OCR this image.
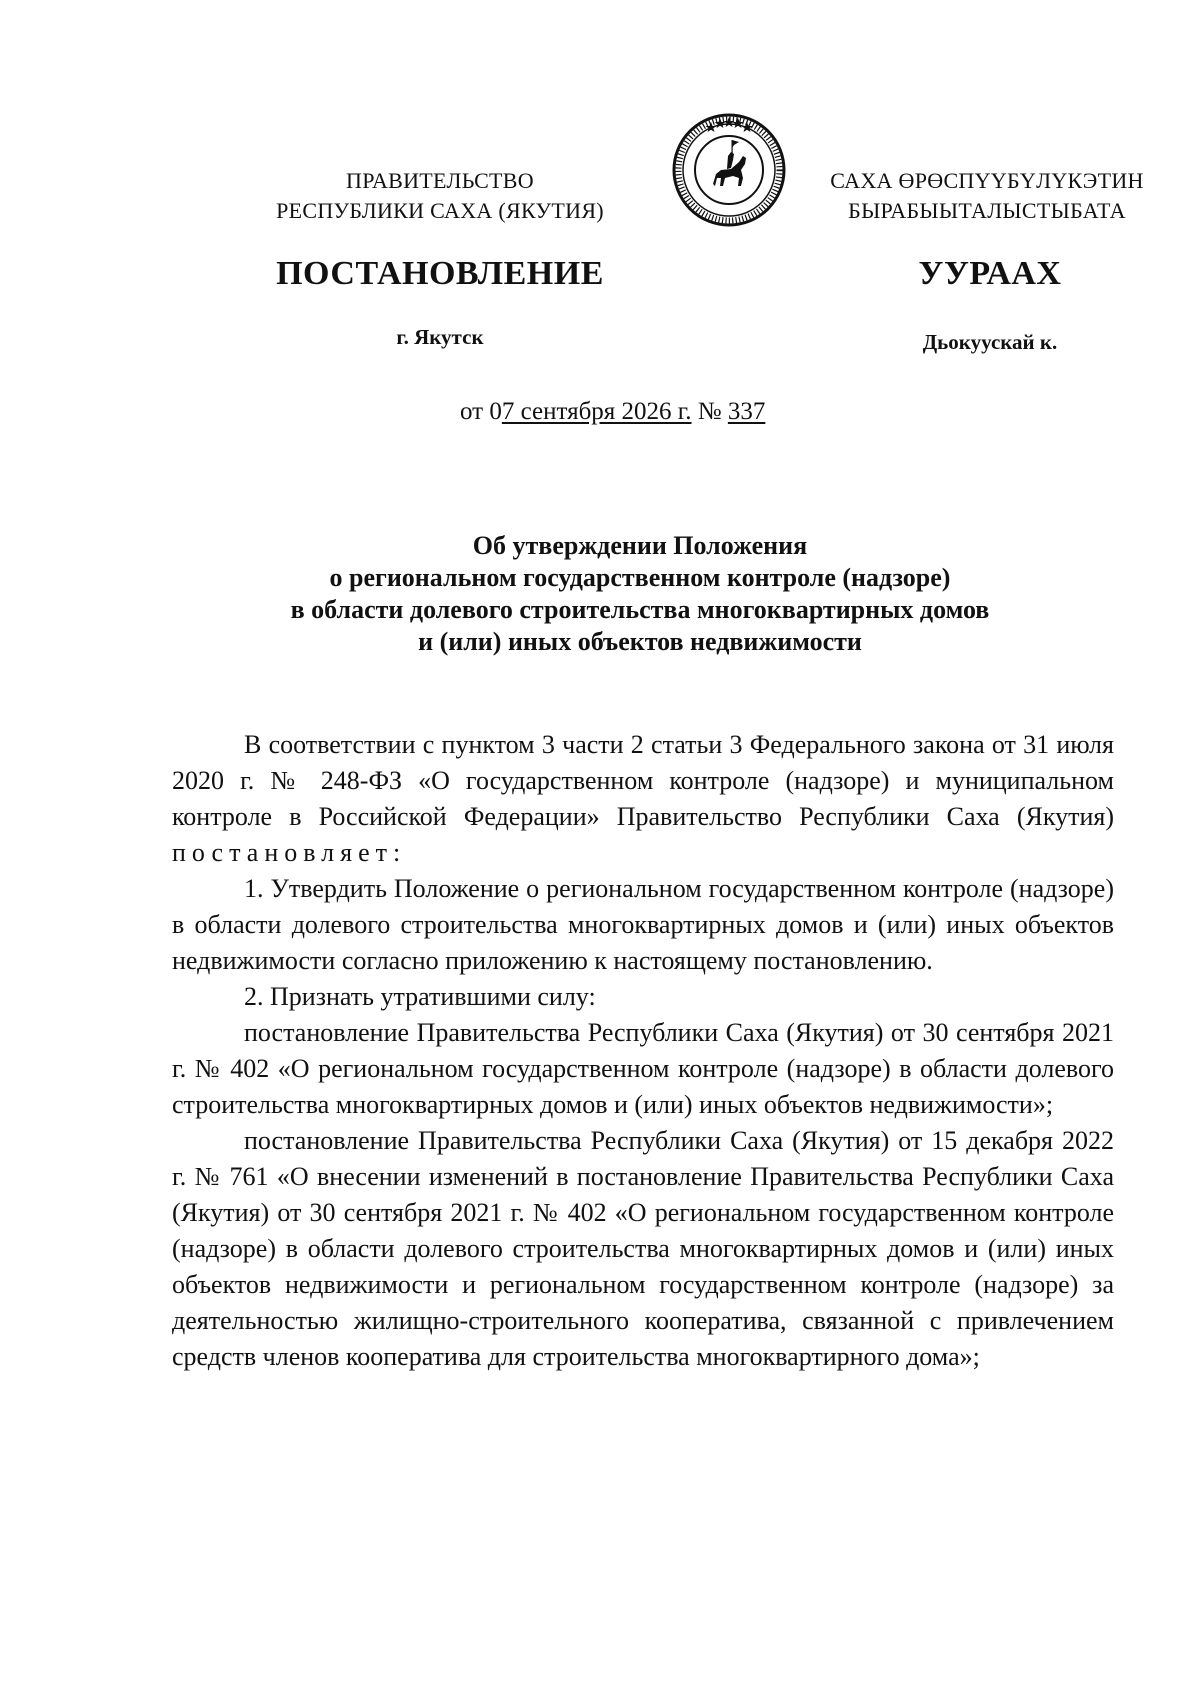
ПРАВИТЕЛЬСТВО
РЕСПУБЛИКИ САХА (ЯКУТИЯ)
САХА ӨРӨСПҮҮБҮЛҮКЭТИН
БЫРАБЫЫТАЛЫСТЫБАТА
ПОСТАНОВЛЕНИЕ	УУРААХ
г. Якутск	Дьокуускай к.
от 07 сентября 2026 г. № 337
Об утверждении Положения
о региональном государственном контроле (надзоре)
в области долевого строительства многоквартирных домов
и (или) иных объектов недвижимости

В соответствии с пунктом 3 части 2 статьи 3 Федерального закона от 31 июля 2020 г. № 248-ФЗ «О государственном контроле (надзоре) и муниципальном контроле в Российской Федерации» Правительство Республики Саха (Якутия) постановляет:

1. Утвердить Положение о региональном государственном контроле (надзоре) в области долевого строительства многоквартирных домов и (или) иных объектов недвижимости согласно приложению к настоящему постановлению.

2. Признать утратившими силу:

постановление Правительства Республики Саха (Якутия) от 30 сентября 2021 г. № 402 «О региональном государственном контроле (надзоре) в области долевого строительства многоквартирных домов и (или) иных объектов недвижимости»;

постановление Правительства Республики Саха (Якутия) от 15 декабря 2022 г. № 761 «О внесении изменений в постановление Правительства Республики Саха (Якутия) от 30 сентября 2021 г. № 402 «О региональном государственном контроле (надзоре) в области долевого строительства многоквартирных домов и (или) иных объектов недвижимости и региональном государственном контроле (надзоре) за деятельностью жилищно-строительного кооператива, связанной с привлечением средств членов кооператива для строительства многоквартирного дома»;
